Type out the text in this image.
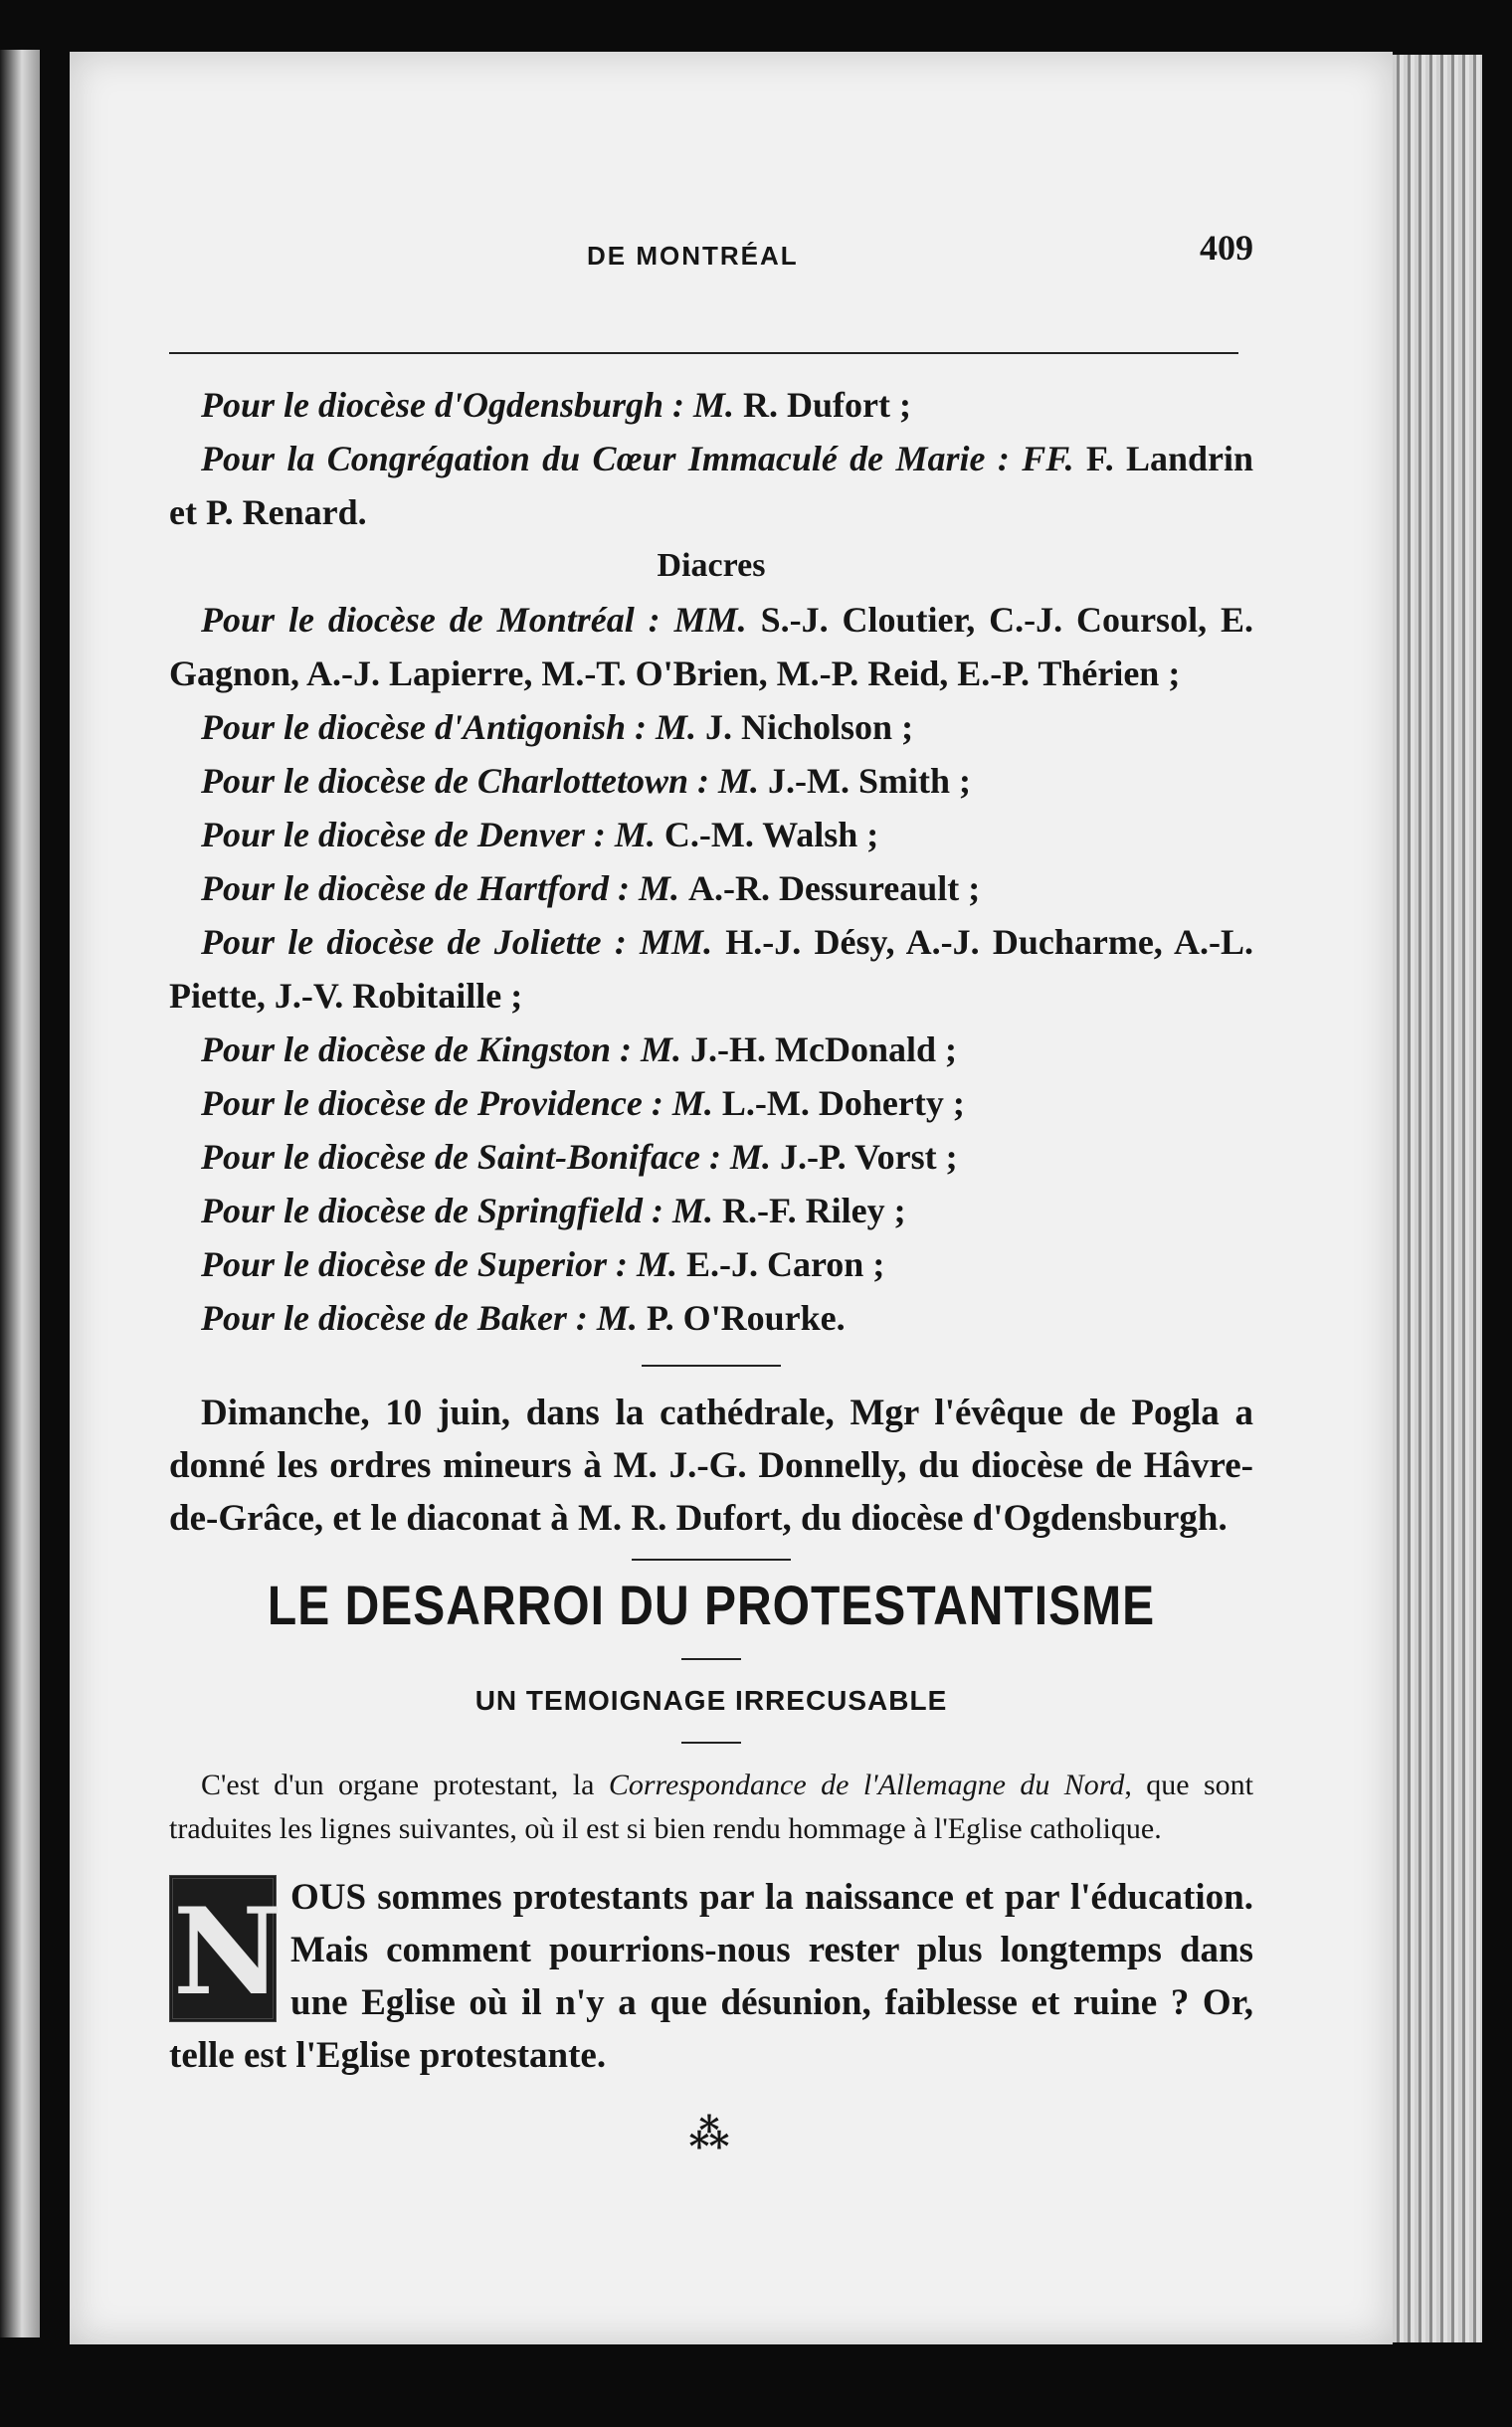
DE MONTRÉAL	409

Pour le diocèse d'Ogdensburgh : M. R. Dufort ;

Pour la Congrégation du Cœur Immaculé de Marie : FF. F. Landrin et P. Renard.

Diacres

Pour le diocèse de Montréal : MM. S.-J. Cloutier, C.-J. Coursol, E. Gagnon, A.-J. Lapierre, M.-T. O'Brien, M.-P. Reid, E.-P. Thérien ;

Pour le diocèse d'Antigonish : M. J. Nicholson ;

Pour le diocèse de Charlottetown : M. J.-M. Smith ;

Pour le diocèse de Denver : M. C.-M. Walsh ;

Pour le diocèse de Hartford : M. A.-R. Dessureault ;

Pour le diocèse de Joliette : MM. H.-J. Désy, A.-J. Ducharme, A.-L. Piette, J.-V. Robitaille ;

Pour le diocèse de Kingston : M. J.-H. McDonald ;

Pour le diocèse de Providence : M. L.-M. Doherty ;

Pour le diocèse de Saint-Boniface : M. J.-P. Vorst ;

Pour le diocèse de Springfield : M. R.-F. Riley ;

Pour le diocèse de Superior : M. E.-J. Caron ;

Pour le diocèse de Baker : M. P. O'Rourke.

Dimanche, 10 juin, dans la cathédrale, Mgr l'évêque de Pogla a donné les ordres mineurs à M. J.-G. Donnelly, du diocèse de Hâvre-de-Grâce, et le diaconat à M. R. Dufort, du diocèse d'Ogdensburgh.

LE DESARROI DU PROTESTANTISME
UN TEMOIGNAGE IRRECUSABLE

C'est d'un organe protestant, la Correspondance de l'Allemagne du Nord, que sont traduites les lignes suivantes, où il est si bien rendu hommage à l'Eglise catholique.

N OUS sommes protestants par la naissance et par l'éducation. Mais comment pourrions-nous rester plus longtemps dans une Eglise où il n'y a que désunion, faiblesse et ruine ? Or, telle est l'Eglise protestante.

⁂
